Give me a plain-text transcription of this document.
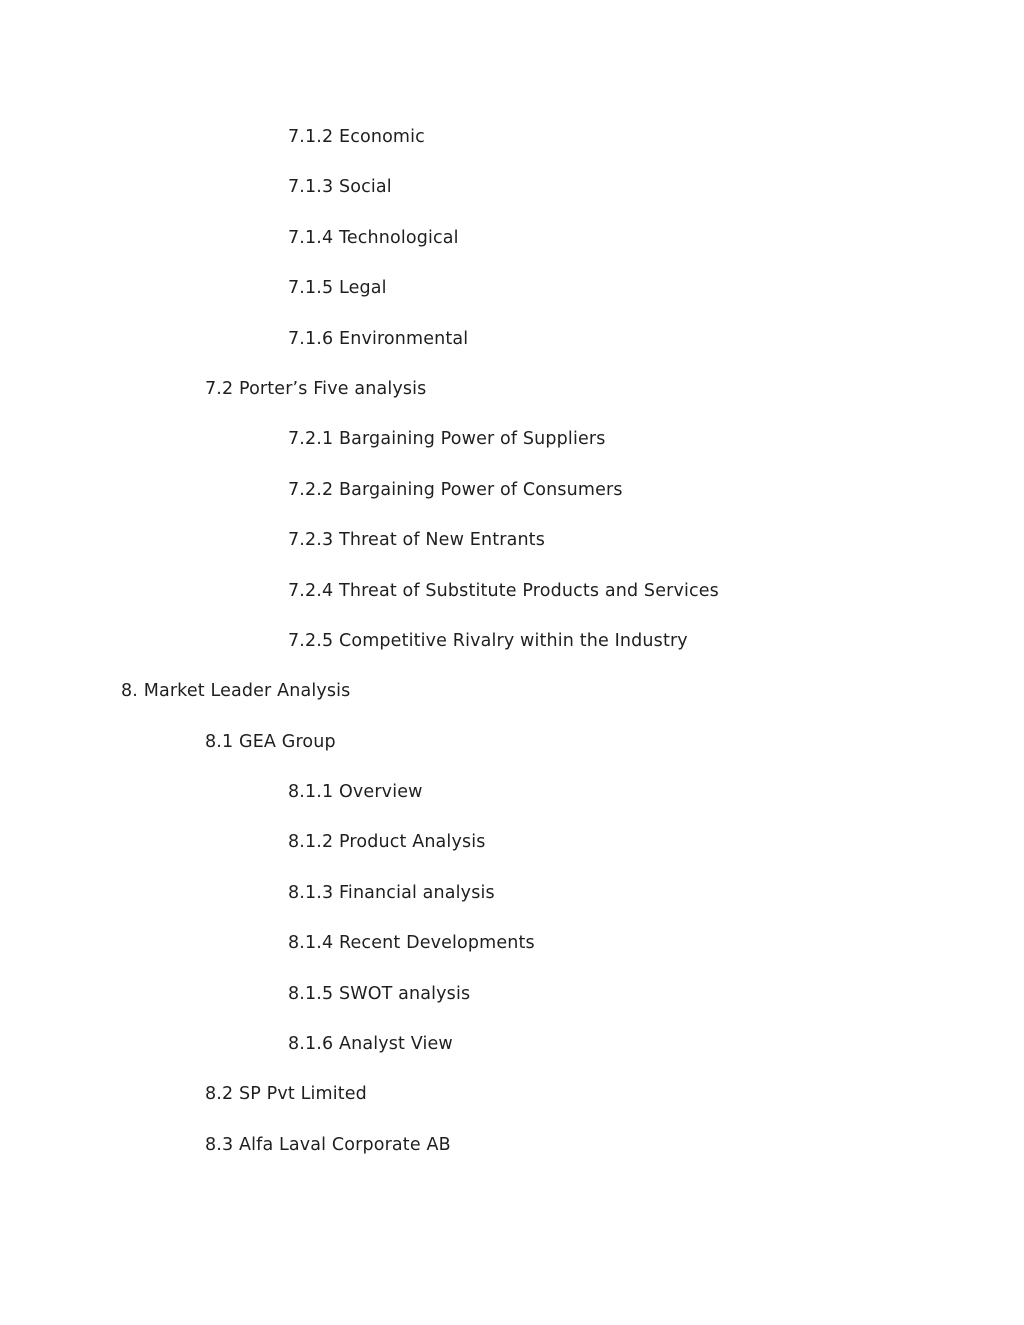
7.1.2 Economic
7.1.3 Social
7.1.4 Technological
7.1.5 Legal
7.1.6 Environmental
7.2 Porter’s Five analysis
7.2.1 Bargaining Power of Suppliers
7.2.2 Bargaining Power of Consumers
7.2.3 Threat of New Entrants
7.2.4 Threat of Substitute Products and Services
7.2.5 Competitive Rivalry within the Industry
8. Market Leader Analysis
8.1 GEA Group
8.1.1 Overview
8.1.2 Product Analysis
8.1.3 Financial analysis
8.1.4 Recent Developments
8.1.5 SWOT analysis
8.1.6 Analyst View
8.2 SP Pvt Limited
8.3 Alfa Laval Corporate AB
